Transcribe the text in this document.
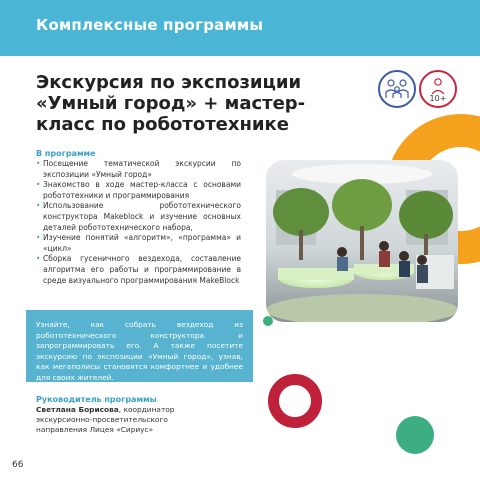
Комплексные программы
Экскурсия по экспозиции «Умный город» + мастер-класс по робототехнике
10+
В программе
• Посещение тематической экскурсии по экспозиции «Умный город»
• Знакомство в ходе мастер-класса с основами робототехники и программирования
• Использование робототехнического конструктора Makeblock и изучение основных деталей робототехнического набора,
• Изучение понятий «алгоритм», «программа» и «цикл»
• Сборка гусеничного вездехода, составление алгоритма его работы и программирование в среде визуального программирования MakeBlock
Узнайте, как собрать вездеход из робототехнического конструктора и запрограммировать его. А также посетите экскурсию по экспозиции «Умный город», узнав, как мегаполисы становятся комфортнее и удобнее для своих жителей.
Руководитель программы
Светлана Борисова, координатор экскурсионно-просветительского направления Лицея «Сириус»
66
